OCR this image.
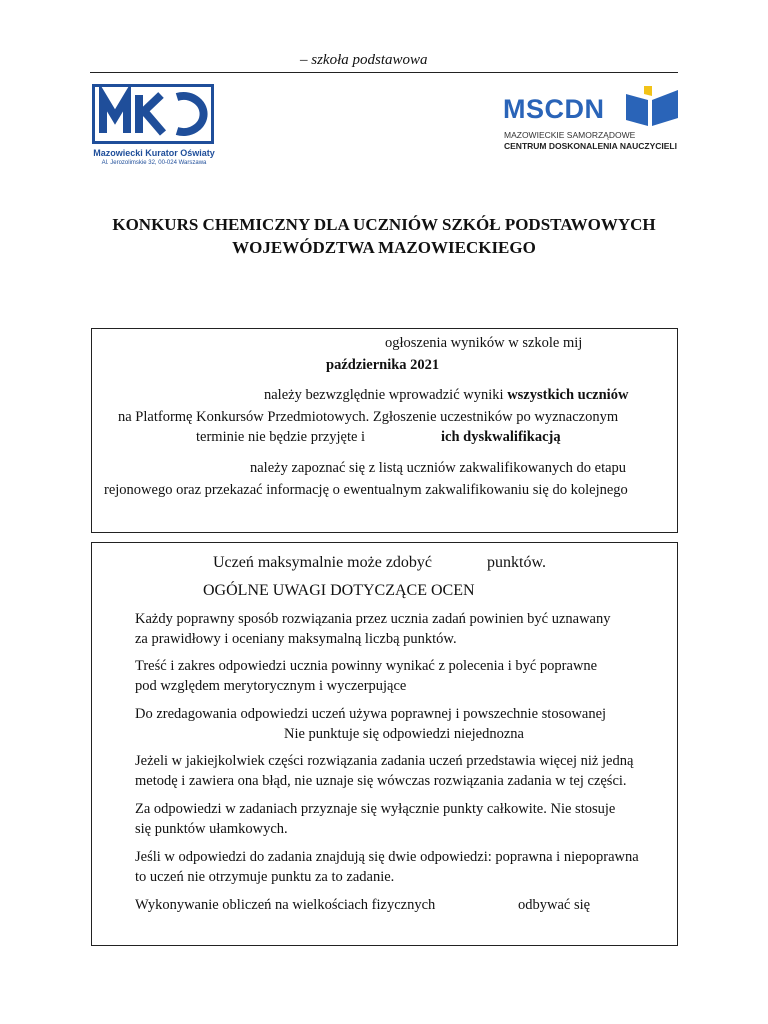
– szkoła podstawowa
Mazowiecki Kurator Oświaty
Al. Jerozolimskie 32, 00-024 Warszawa
MSCDN
MAZOWIECKIE SAMORZĄDOWE
CENTRUM DOSKONALENIA NAUCZYCIELI
KONKURS CHEMICZNY DLA UCZNIÓW SZKÓŁ PODSTAWOWYCH
WOJEWÓDZTWA MAZOWIECKIEGO
ogłoszenia wyników w szkole mij
października 2021
należy bezwzględnie wprowadzić wyniki wszystkich uczniów
na Platformę Konkursów Przedmiotowych. Zgłoszenie uczestników po wyznaczonym
terminie nie będzie przyjęte i	ich dyskwalifikacją
należy zapoznać się z listą uczniów zakwalifikowanych do etapu
rejonowego oraz przekazać informację o ewentualnym zakwalifikowaniu się do kolejnego
Uczeń maksymalnie może zdobyć	punktów.
OGÓLNE UWAGI DOTYCZĄCE OCEN
Każdy poprawny sposób rozwiązania przez ucznia zadań powinien być uznawany
za prawidłowy i oceniany maksymalną liczbą punktów.
Treść i zakres odpowiedzi ucznia powinny wynikać z polecenia i być poprawne
pod względem merytorycznym i wyczerpujące
Do zredagowania odpowiedzi uczeń używa poprawnej i powszechnie stosowanej
Nie punktuje się odpowiedzi niejednozna
Jeżeli w jakiejkolwiek części rozwiązania zadania uczeń przedstawia więcej niż jedną
metodę i zawiera ona błąd, nie uznaje się wówczas rozwiązania zadania w tej części.
Za odpowiedzi w zadaniach przyznaje się wyłącznie punkty całkowite. Nie stosuje
się punktów ułamkowych.
Jeśli w odpowiedzi do zadania znajdują się dwie odpowiedzi: poprawna i niepoprawna
to uczeń nie otrzymuje punktu za to zadanie.
Wykonywanie obliczeń na wielkościach fizycznych	odbywać się
